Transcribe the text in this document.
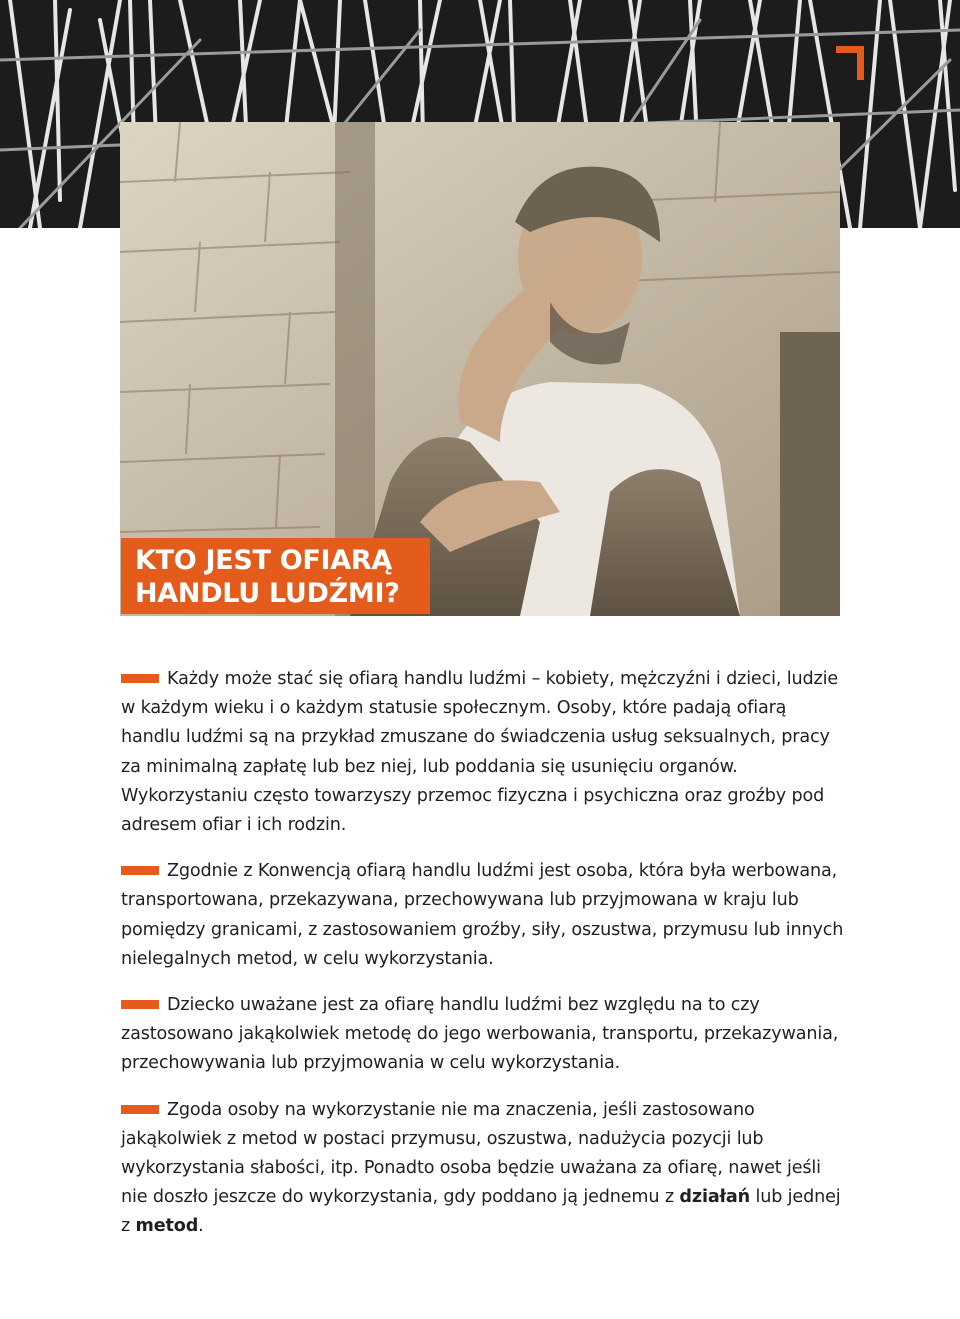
KTO JEST OFIARĄ
HANDLU LUDŹMI?

Każdy może stać się ofiarą handlu ludźmi – kobiety, mężczyźni i dzieci, ludzie w każdym wieku i o każdym statusie społecznym. Osoby, które padają ofiarą handlu ludźmi są na przykład zmuszane do świadczenia usług seksualnych, pracy za minimalną zapłatę lub bez niej, lub poddania się usunięciu organów. Wykorzystaniu często towarzyszy przemoc fizyczna i psychiczna oraz groźby pod adresem ofiar i ich rodzin.

Zgodnie z Konwencją ofiarą handlu ludźmi jest osoba, która była werbowana, transportowana, przekazywana, przechowywana lub przyjmowana w kraju lub pomiędzy granicami, z zastosowaniem groźby, siły, oszustwa, przymusu lub innych nielegalnych metod, w celu wykorzystania.

Dziecko uważane jest za ofiarę handlu ludźmi bez względu na to czy zastosowano jakąkolwiek metodę do jego werbowania, transportu, przekazywania, przechowywania lub przyjmowania w celu wykorzystania.

Zgoda osoby na wykorzystanie nie ma znaczenia, jeśli zastosowano jakąkolwiek z metod w postaci przymusu, oszustwa, nadużycia pozycji lub wykorzystania słabości, itp. Ponadto osoba będzie uważana za ofiarę, nawet jeśli nie doszło jeszcze do wykorzystania, gdy poddano ją jednemu z działań lub jednej z metod.
